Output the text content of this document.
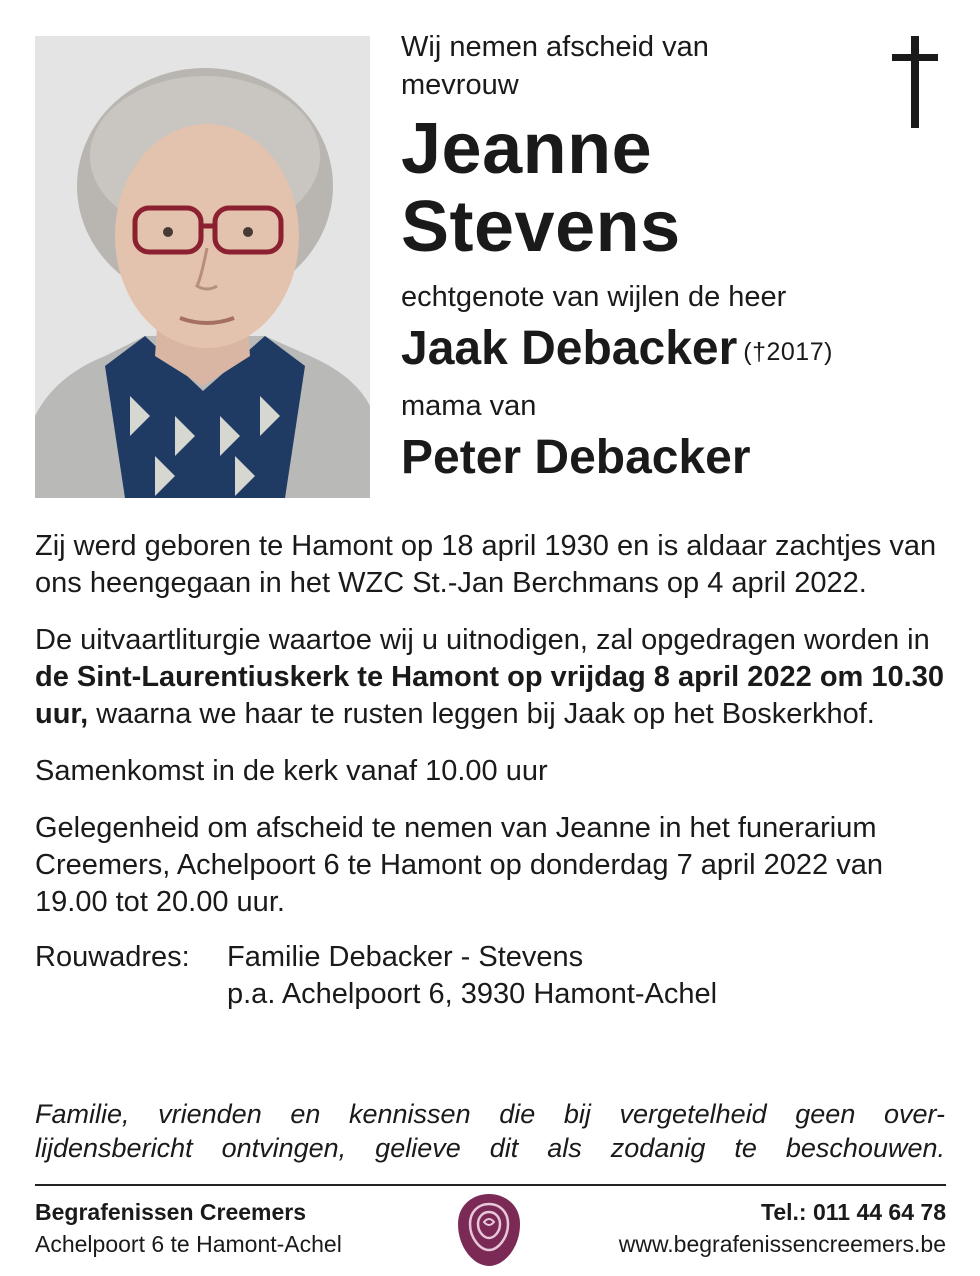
Wij nemen afscheid van
mevrouw
Jeanne
Stevens
echtgenote van wijlen de heer
Jaak Debacker (†2017)
mama van
Peter Debacker

Zij werd geboren te Hamont op 18 april 1930 en is aldaar zachtjes van ons heengegaan in het WZC St.-Jan Berchmans op 4 april 2022.

De uitvaartliturgie waartoe wij u uitnodigen, zal opgedragen worden in de Sint-Laurentiuskerk te Hamont op vrijdag 8 april 2022 om 10.30 uur, waarna we haar te rusten leggen bij Jaak op het Boskerkhof.

Samenkomst in de kerk vanaf 10.00 uur

Gelegenheid om afscheid te nemen van Jeanne in het funerarium Creemers, Achelpoort 6 te Hamont op donderdag 7 april 2022 van 19.00 tot 20.00 uur.

Rouwadres:	Familie Debacker - Stevens
p.a. Achelpoort 6, 3930 Hamont-Achel
Familie, vrienden en kennissen die bij vergetelheid geen over-
lijdensbericht ontvingen, gelieve dit als zodanig te beschouwen.
Begrafenissen Creemers
Achelpoort 6 te Hamont-Achel
Tel.: 011 44 64 78
www.begrafenissencreemers.be
